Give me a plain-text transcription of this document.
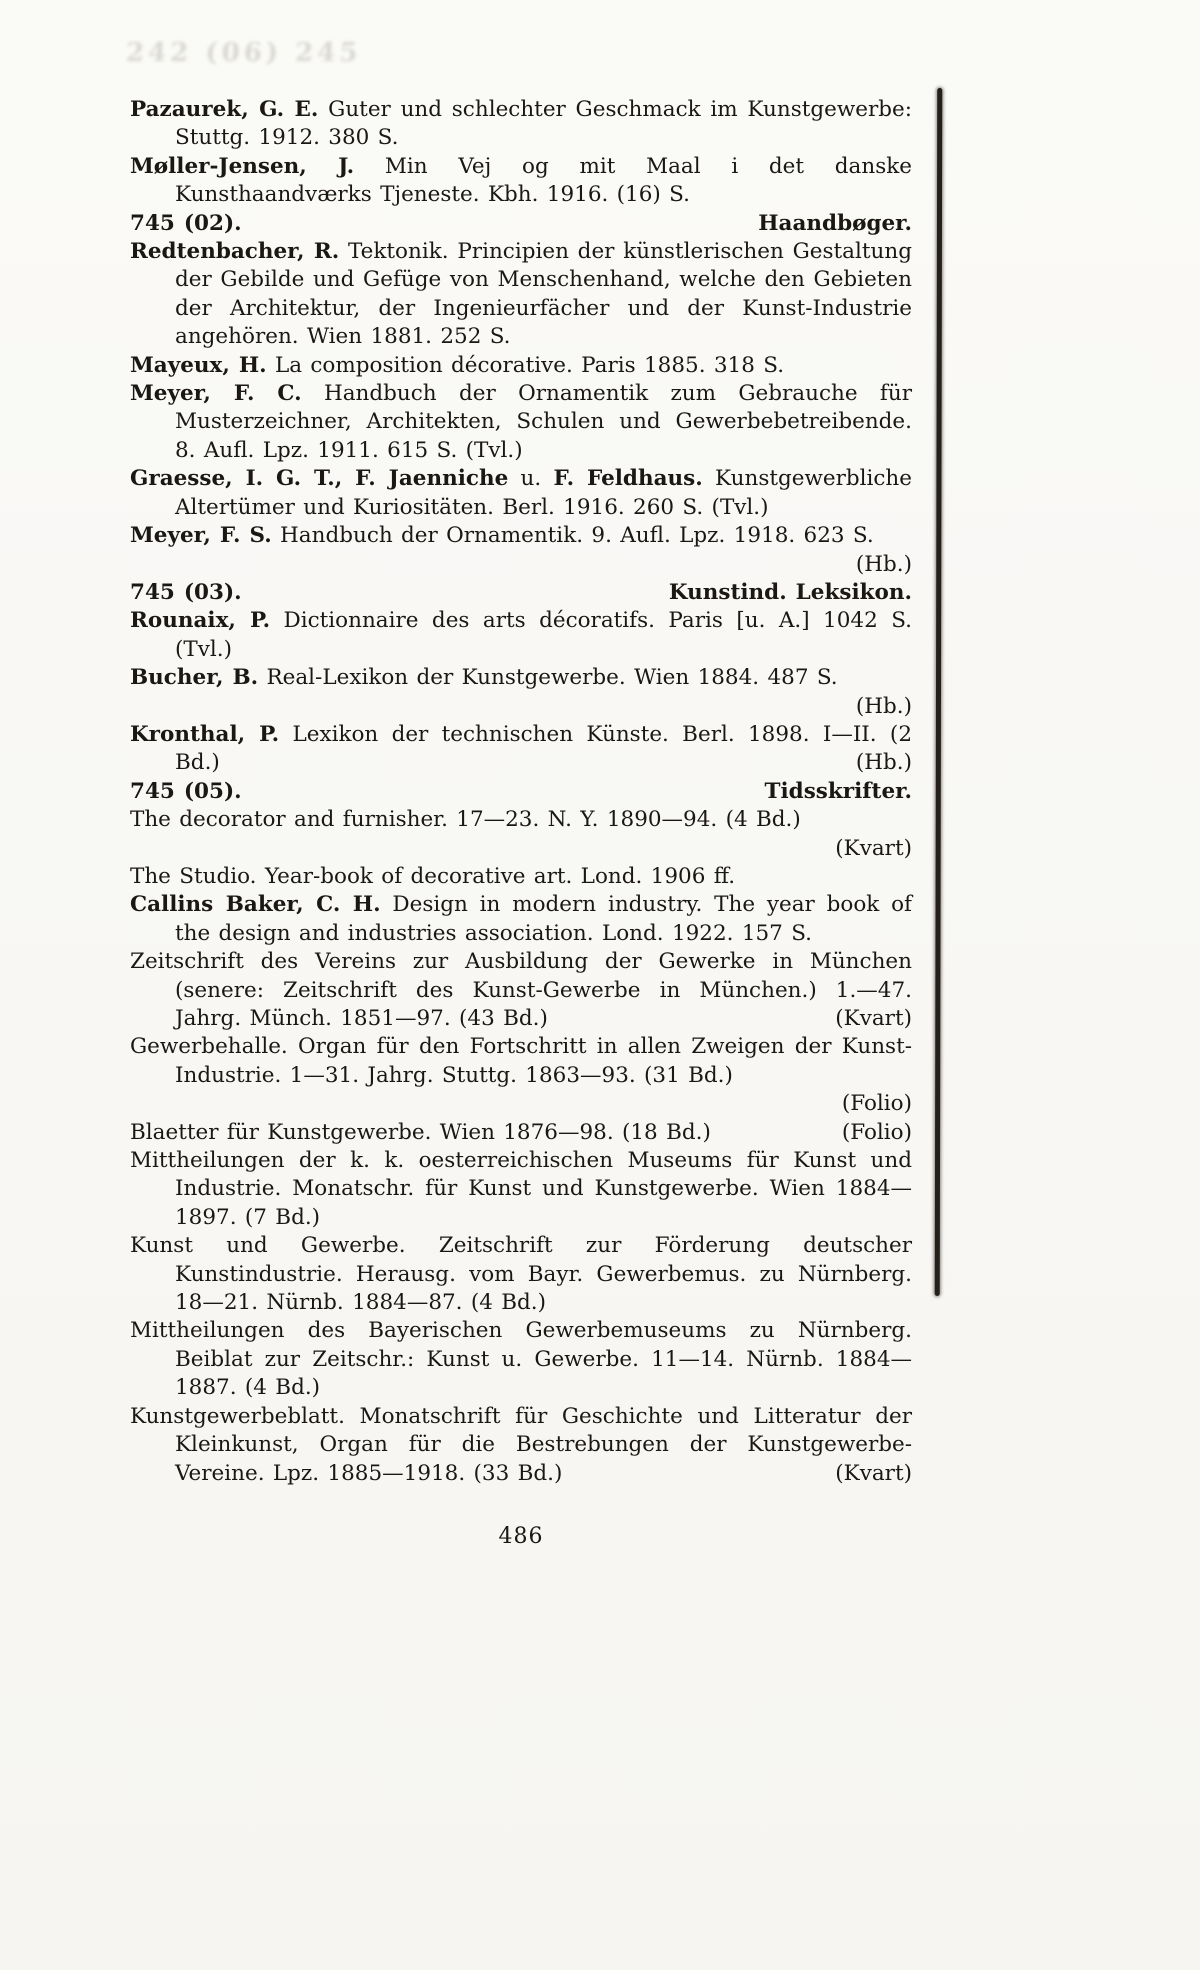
242 (06) 245
Pazaurek, G. E. Guter und schlechter Geschmack im Kunstgewerbe: Stuttg. 1912. 380 S.
Møller-Jensen, J. Min Vej og mit Maal i det danske Kunsthaandværks Tjeneste. Kbh. 1916. (16) S.
745 (02).	Haandbøger.
Redtenbacher, R. Tektonik. Principien der künstlerischen Gestaltung der Gebilde und Gefüge von Menschenhand, welche den Gebieten der Architektur, der Ingenieurfächer und der Kunst-Industrie angehören. Wien 1881. 252 S.
Mayeux, H. La composition décorative. Paris 1885. 318 S.
Meyer, F. C. Handbuch der Ornamentik zum Gebrauche für Musterzeichner, Architekten, Schulen und Gewerbebetreibende. 8. Aufl. Lpz. 1911. 615 S. (Tvl.)
Graesse, I. G. T., F. Jaenniche u. F. Feldhaus. Kunstgewerbliche Altertümer und Kuriositäten. Berl. 1916. 260 S. (Tvl.)
Meyer, F. S. Handbuch der Ornamentik. 9. Aufl. Lpz. 1918. 623 S.
(Hb.)
745 (03).	Kunstind. Leksikon.
Rounaix, P. Dictionnaire des arts décoratifs. Paris [u. A.] 1042 S. (Tvl.)
Bucher, B. Real-Lexikon der Kunstgewerbe. Wien 1884. 487 S.
(Hb.)
Kronthal, P. Lexikon der technischen Künste. Berl. 1898. I—II. (2 Bd.)	(Hb.)
745 (05).	Tidsskrifter.
The decorator and furnisher. 17—23. N. Y. 1890—94. (4 Bd.)
(Kvart)
The Studio. Year-book of decorative art. Lond. 1906 ff.
Callins Baker, C. H. Design in modern industry. The year book of the design and industries association. Lond. 1922. 157 S.
Zeitschrift des Vereins zur Ausbildung der Gewerke in München (senere: Zeitschrift des Kunst-Gewerbe in München.) 1.—47. Jahrg. Münch. 1851—97. (43 Bd.)	(Kvart)
Gewerbehalle. Organ für den Fortschritt in allen Zweigen der Kunst-Industrie. 1—31. Jahrg. Stuttg. 1863—93. (31 Bd.)
(Folio)
Blaetter für Kunstgewerbe. Wien 1876—98. (18 Bd.)	(Folio)
Mittheilungen der k. k. oesterreichischen Museums für Kunst und Industrie. Monatschr. für Kunst und Kunstgewerbe. Wien 1884—1897. (7 Bd.)
Kunst und Gewerbe. Zeitschrift zur Förderung deutscher Kunstindustrie. Herausg. vom Bayr. Gewerbemus. zu Nürnberg. 18—21. Nürnb. 1884—87. (4 Bd.)
Mittheilungen des Bayerischen Gewerbemuseums zu Nürnberg. Beiblat zur Zeitschr.: Kunst u. Gewerbe. 11—14. Nürnb. 1884—1887. (4 Bd.)
Kunstgewerbeblatt. Monatschrift für Geschichte und Litteratur der Kleinkunst, Organ für die Bestrebungen der Kunstgewerbe-Vereine. Lpz. 1885—1918. (33 Bd.)	(Kvart)
486
